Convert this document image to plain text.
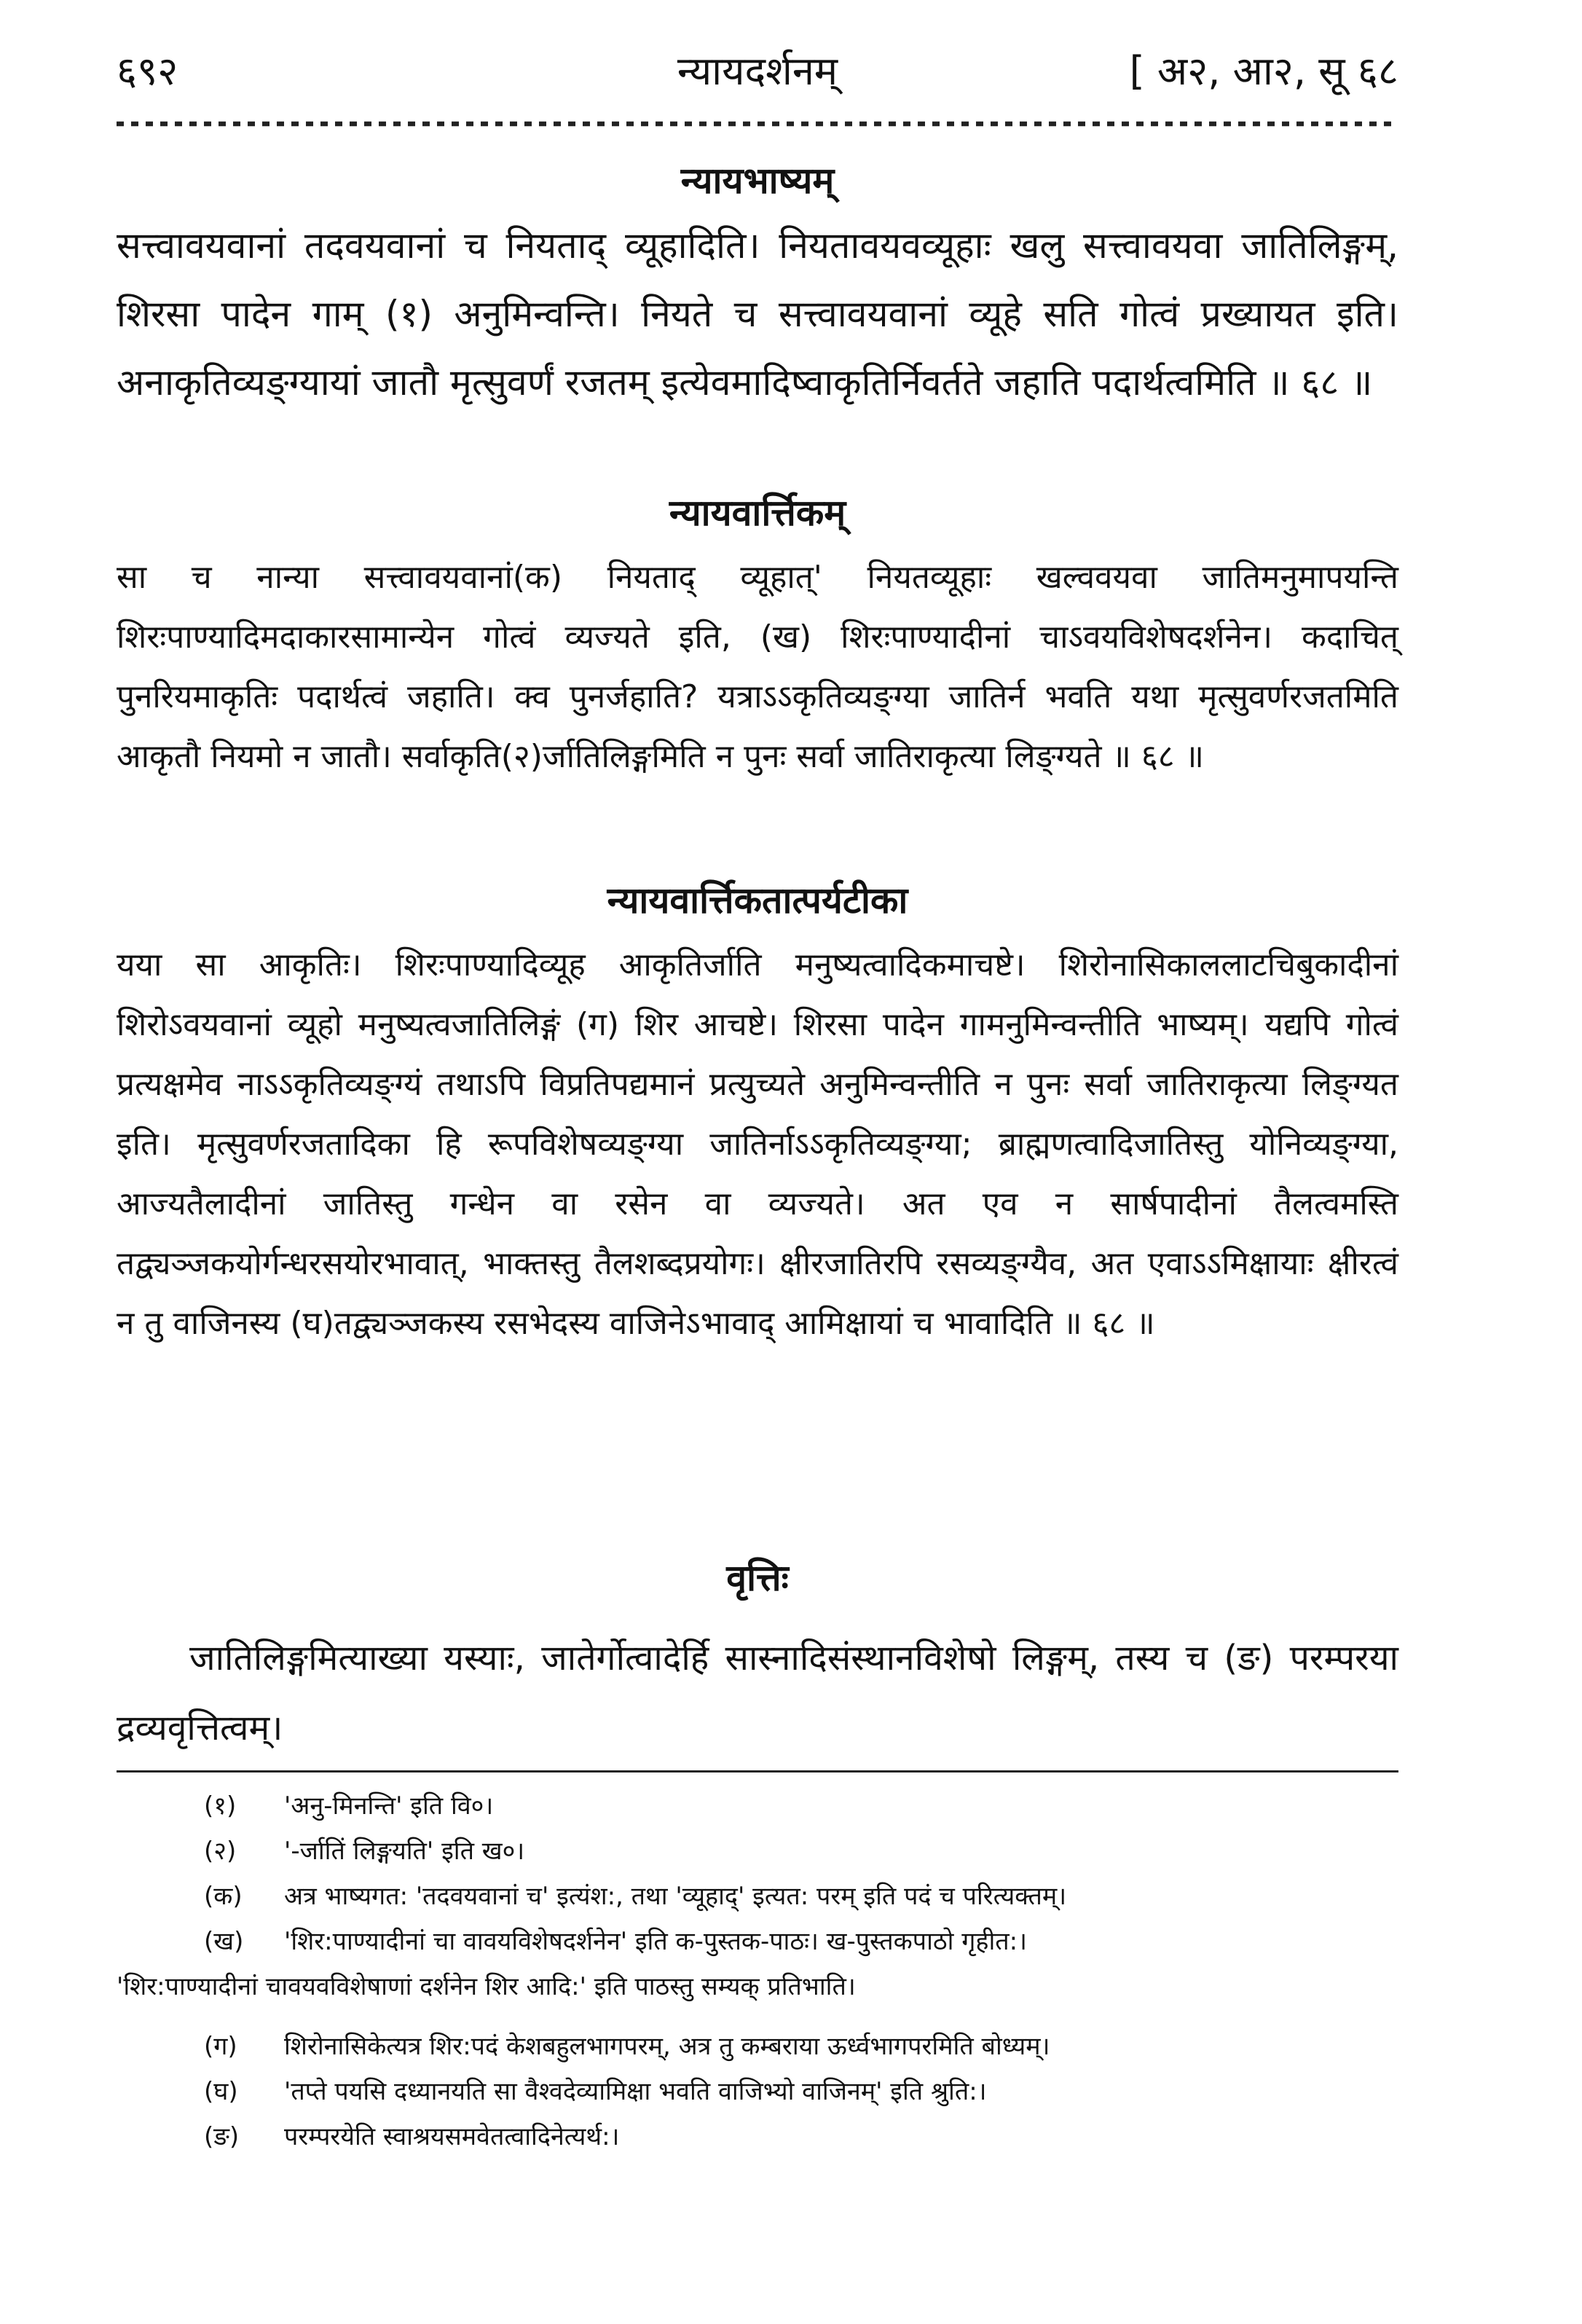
६९२	न्यायदर्शनम्	[ अ२, आ२, सू ६८
न्यायभाष्यम्
सत्त्वावयवानां तदवयवानां च नियताद् व्यूहादिति। नियतावयवव्यूहाः खलु सत्त्वावयवा जातिलिङ्गम्, शिरसा पादेन गाम् (१) अनुमिन्वन्ति। नियते च सत्त्वावयवानां व्यूहे सति गोत्वं प्रख्यायत इति। अनाकृतिव्यङ्ग्यायां जातौ मृत्सुवर्णं रजतम् इत्येवमादिष्वाकृतिर्निवर्तते जहाति पदार्थत्वमिति ॥ ६८ ॥
न्यायवार्त्तिकम्
सा च नान्या सत्त्वावयवानां(क) नियताद् व्यूहात्' नियतव्यूहाः खल्ववयवा जातिमनुमापयन्ति शिरःपाण्यादिमदाकारसामान्येन गोत्वं व्यज्यते इति, (ख) शिरःपाण्यादीनां चाऽवयविशेषदर्शनेन। कदाचित् पुनरियमाकृतिः पदार्थत्वं जहाति। क्व पुनर्जहाति? यत्राऽऽकृतिव्यङ्ग्या जातिर्न भवति यथा मृत्सुवर्णरजतमिति आकृतौ नियमो न जातौ। सर्वाकृति(२)र्जातिलिङ्गमिति न पुनः सर्वा जातिराकृत्या लिङ्ग्यते ॥ ६८ ॥
न्यायवार्त्तिकतात्पर्यटीका
यया सा आकृतिः। शिरःपाण्यादिव्यूह आकृतिर्जाति मनुष्यत्वादिकमाचष्टे। शिरोनासिकाललाटचिबुकादीनां शिरोऽवयवानां व्यूहो मनुष्यत्वजातिलिङ्गं (ग) शिर आचष्टे। शिरसा पादेन गामनुमिन्वन्तीति भाष्यम्। यद्यपि गोत्वं प्रत्यक्षमेव नाऽऽकृतिव्यङ्ग्यं तथाऽपि विप्रतिपद्यमानं प्रत्युच्यते अनुमिन्वन्तीति न पुनः सर्वा जातिराकृत्या लिङ्ग्यत इति। मृत्सुवर्णरजतादिका हि रूपविशेषव्यङ्ग्या जातिर्नाऽऽकृतिव्यङ्ग्या; ब्राह्मणत्वादिजातिस्तु योनिव्यङ्ग्या, आज्यतैलादीनां जातिस्तु गन्धेन वा रसेन वा व्यज्यते। अत एव न सार्षपादीनां तैलत्वमस्ति तद्व्यञ्जकयोर्गन्धरसयोरभावात्, भाक्तस्तु तैलशब्दप्रयोगः। क्षीरजातिरपि रसव्यङ्ग्यैव, अत एवाऽऽमिक्षायाः क्षीरत्वं न तु वाजिनस्य (घ)तद्व्यञ्जकस्य रसभेदस्य वाजिनेऽभावाद् आमिक्षायां च भावादिति ॥ ६८ ॥
वृत्तिः
जातिलिङ्गमित्याख्या यस्याः, जातेर्गोत्वादेर्हि सास्नादिसंस्थानविशेषो लिङ्गम्, तस्य च (ङ) परम्परया द्रव्यवृत्तित्वम्।
(१) 'अनु-मिनन्ति' इति वि०।
(२) '-र्जातिं लिङ्गयति' इति ख०।
(क) अत्र भाष्यगत: 'तदवयवानां च' इत्यंश:, तथा 'व्यूहाद्' इत्यत: परम् इति पदं च परित्यक्तम्।
(ख) 'शिर:पाण्यादीनां चा वावयविशेषदर्शनेन' इति क-पुस्तक-पाठः। ख-पुस्तकपाठो गृहीत:।
'शिर:पाण्यादीनां चावयवविशेषाणां दर्शनेन शिर आदि:' इति पाठस्तु सम्यक् प्रतिभाति।
(ग) शिरोनासिकेत्यत्र शिर:पदं केशबहुलभागपरम्, अत्र तु कम्बराया ऊर्ध्वभागपरमिति बोध्यम्।
(घ) 'तप्ते पयसि दध्यानयति सा वैश्वदेव्यामिक्षा भवति वाजिभ्यो वाजिनम्' इति श्रुति:।
(ङ) परम्परयेति स्वाश्रयसमवेतत्वादिनेत्यर्थ:।
